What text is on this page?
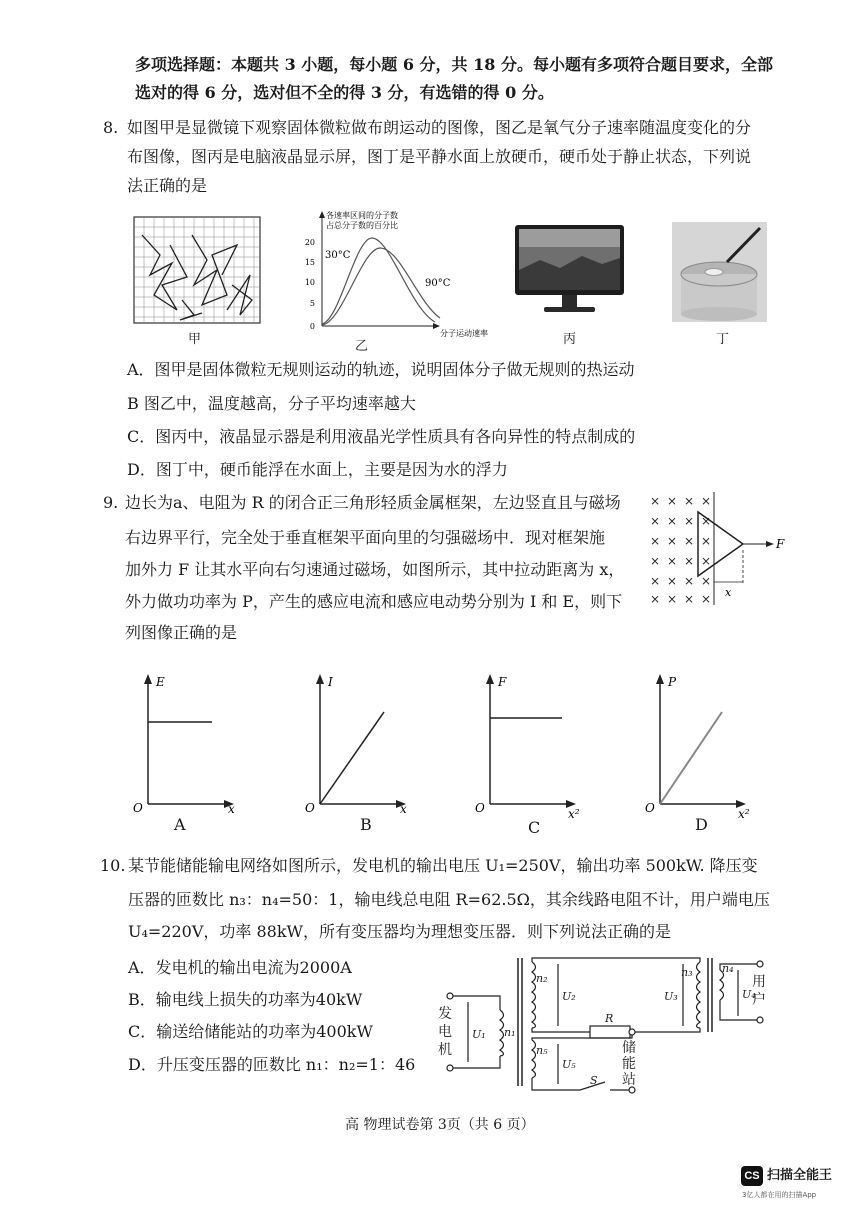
多项选择题：本题共 3 小题，每小题 6 分，共 18 分。每小题有多项符合题目要求，全部
选对的得 6 分，选对但不全的得 3 分，有选错的得 0 分。
8. 如图甲是显微镜下观察固体微粒做布朗运动的图像，图乙是氧气分子速率随温度变化的分
布图像，图丙是电脑液晶显示屏，图丁是平静水面上放硬币，硬币处于静止状态，下列说
法正确的是
甲
各速率区间的分子数
占总分子数的百分比
0
5
10
15
20
30°C
90°C
分子运动速率
乙	丙	丁
A．图甲是固体微粒无规则运动的轨迹，说明固体分子做无规则的热运动
B 图乙中，温度越高，分子平均速率越大
C．图丙中，液晶显示器是利用液晶光学性质具有各向异性的特点制成的
D．图丁中，硬币能浮在水面上，主要是因为水的浮力
9. 边长为a、电阻为 R 的闭合正三角形轻质金属框架，左边竖直且与磁场
右边界平行，完全处于垂直框架平面向里的匀强磁场中．现对框架施
加外力 F 让其水平向右匀速通过磁场，如图所示，其中拉动距离为 x，
外力做功功率为 P，产生的感应电流和感应电动势分别为 I 和 E，则下
列图像正确的是
× × × ×
× × × ×
× × × ×
× × × ×
× × × ×
× × × ×
F
x
E
x
O
A
I
x
O
B
F
x²
O
C
P
x²
O
D
10. 某节能储能输电网络如图所示，发电机的输出电压 U₁=250V，输出功率 500kW. 降压变
压器的匝数比 n₃：n₄=50：1，输电线总电阻 R=62.5Ω，其余线路电阻不计，用户端电压
U₄=220V，功率 88kW，所有变压器均为理想变压器．则下列说法正确的是
A．发电机的输出电流为2000A
B．输电线上损失的功率为40kW
C．输送给储能站的功率为400kW
D．升压变压器的匝数比 n₁：n₂=1：46
n₁
n₂	n₃	n₄
n₅
U₁
U₂	U₃	U₄
U₅
R
S
发
电
机	储
能
站
用
户
高 物理试卷第 3页（共 6 页）
CS 扫描全能王
3亿人都在用的扫描App
